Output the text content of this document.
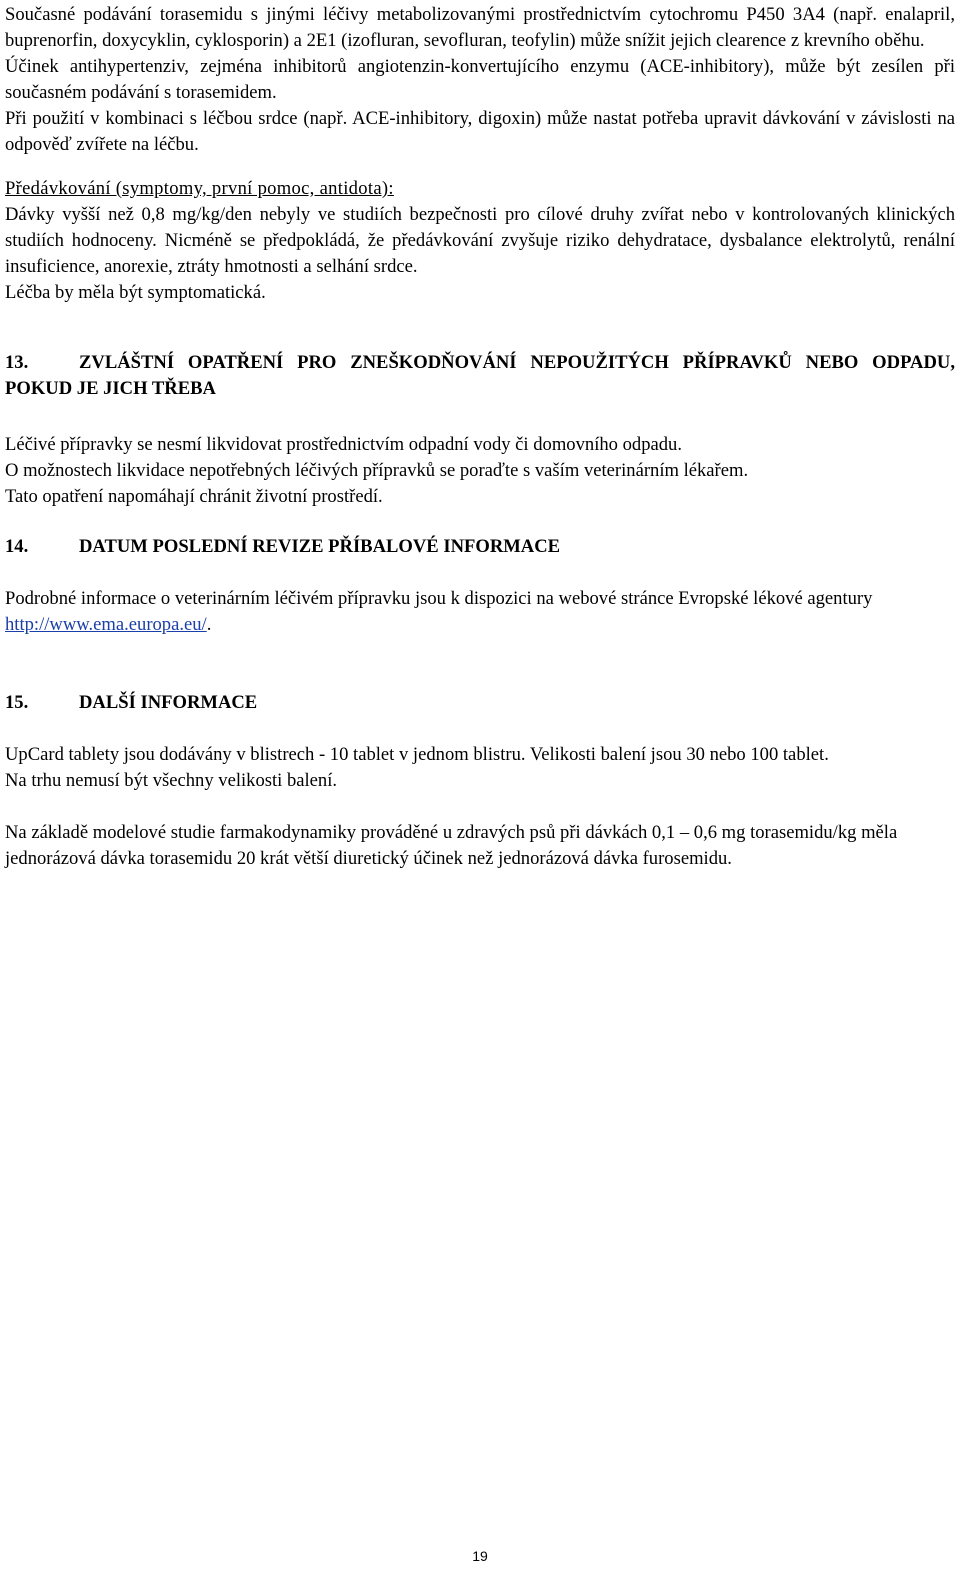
Současné podávání torasemidu s jinými léčivy metabolizovanými prostřednictvím cytochromu P450 3A4 (např. enalapril, buprenorfin, doxycyklin, cyklosporin) a 2E1 (izofluran, sevofluran, teofylin) může snížit jejich clearence z krevního oběhu.

Účinek antihypertenziv, zejména inhibitorů angiotenzin-konvertujícího enzymu (ACE-inhibitory), může být zesílen při současném podávání s torasemidem.

Při použití v kombinaci s léčbou srdce (např. ACE-inhibitory, digoxin) může nastat potřeba upravit dávkování v závislosti na odpověď zvířete na léčbu.

Předávkování (symptomy, první pomoc, antidota):

Dávky vyšší než 0,8 mg/kg/den nebyly ve studiích bezpečnosti pro cílové druhy zvířat nebo v kontrolovaných klinických studiích hodnoceny. Nicméně se předpokládá, že předávkování zvyšuje riziko dehydratace, dysbalance elektrolytů, renální insuficience, anorexie, ztráty hmotnosti a selhání srdce.

Léčba by měla být symptomatická.

13.	ZVLÁŠTNÍ OPATŘENÍ PRO ZNEŠKODŇOVÁNÍ NEPOUŽITÝCH PŘÍPRAVKŮ NEBO ODPADU, POKUD JE JICH TŘEBA

Léčivé přípravky se nesmí likvidovat prostřednictvím odpadní vody či domovního odpadu.

O možnostech likvidace nepotřebných léčivých přípravků se poraďte s vaším veterinárním lékařem.

Tato opatření napomáhají chránit životní prostředí.

14.	DATUM POSLEDNÍ REVIZE PŘÍBALOVÉ INFORMACE

Podrobné informace o veterinárním léčivém přípravku jsou k dispozici na webové stránce Evropské lékové agentury http://www.ema.europa.eu/.

15.	DALŠÍ INFORMACE

UpCard tablety jsou dodávány v blistrech - 10 tablet v jednom blistru. Velikosti balení jsou 30 nebo 100 tablet.

Na trhu nemusí být všechny velikosti balení.

Na základě modelové studie farmakodynamiky prováděné u zdravých psů při dávkách 0,1 – 0,6 mg torasemidu/kg měla jednorázová dávka torasemidu 20 krát větší diuretický účinek než jednorázová dávka furosemidu.

19
